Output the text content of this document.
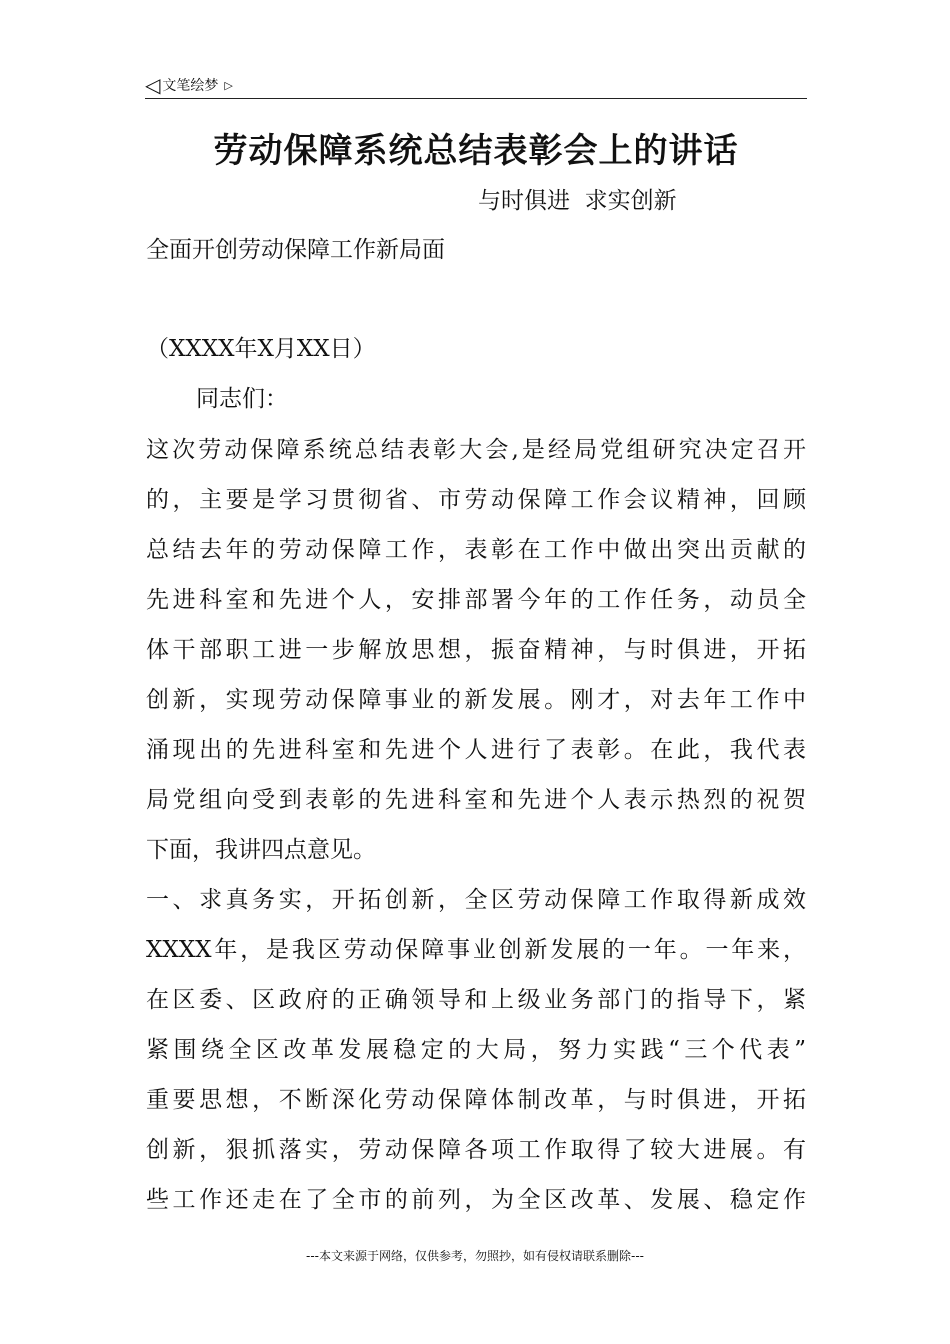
◁ 文笔绘梦 ▷
劳动保障系统总结表彰会上的讲话
与时俱进  求实创新
全面开创劳动保障工作新局面
（XXXX年X月XX日）
同志们：
这次劳动保障系统总结表彰大会,是经局党组研究决定召开
的，主要是学习贯彻省、市劳动保障工作会议精神，回顾
总结去年的劳动保障工作，表彰在工作中做出突出贡献的
先进科室和先进个人，安排部署今年的工作任务，动员全
体干部职工进一步解放思想，振奋精神，与时俱进，开拓
创新，实现劳动保障事业的新发展。刚才，对去年工作中
涌现出的先进科室和先进个人进行了表彰。在此，我代表
局党组向受到表彰的先进科室和先进个人表示热烈的祝贺
下面，我讲四点意见。
一、求真务实，开拓创新，全区劳动保障工作取得新成效
XXXX年，是我区劳动保障事业创新发展的一年。一年来，
在区委、区政府的正确领导和上级业务部门的指导下，紧
紧围绕全区改革发展稳定的大局，努力实践“三个代表”
重要思想，不断深化劳动保障体制改革，与时俱进，开拓
创新，狠抓落实，劳动保障各项工作取得了较大进展。有
些工作还走在了全市的前列，为全区改革、发展、稳定作
---本文来源于网络，仅供参考，勿照抄，如有侵权请联系删除---
